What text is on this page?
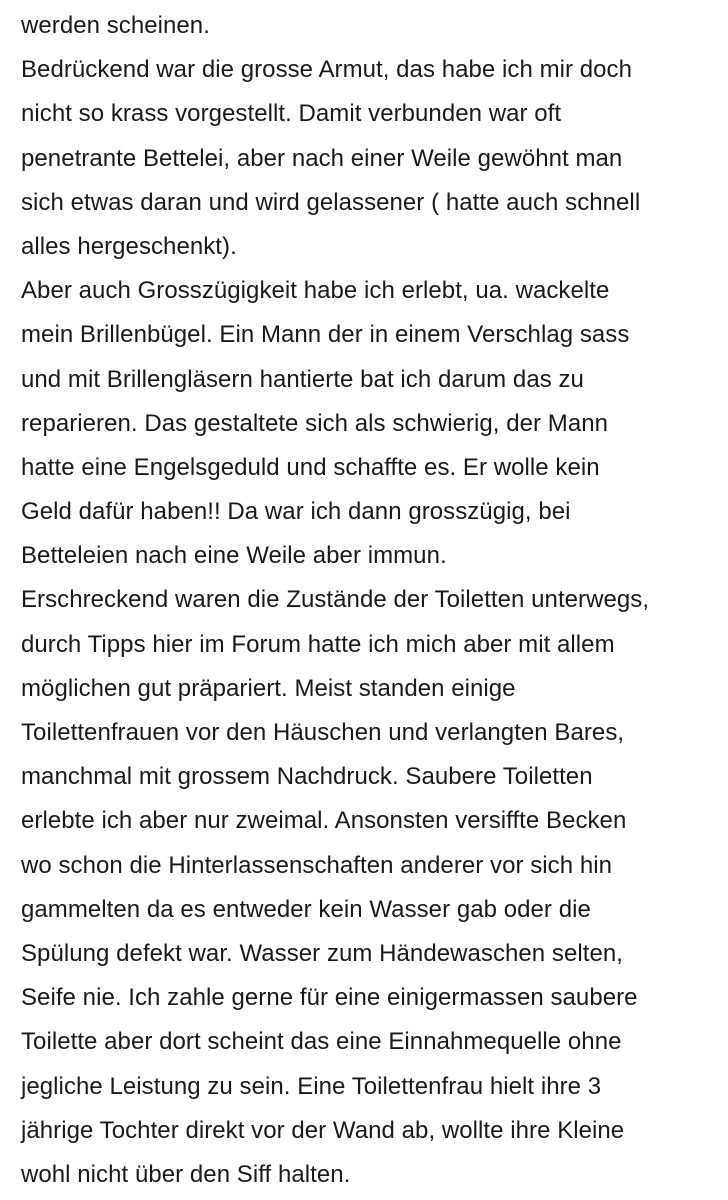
werden scheinen.
Bedrückend war die grosse Armut, das habe ich mir doch
nicht so krass vorgestellt. Damit verbunden war oft
penetrante Bettelei, aber nach einer Weile gewöhnt man
sich etwas daran und wird gelassener ( hatte auch schnell
alles hergeschenkt).
Aber auch Grosszügigkeit habe ich erlebt, ua. wackelte
mein Brillenbügel. Ein Mann der in einem Verschlag sass
und mit Brillengläsern hantierte bat ich darum das zu
reparieren. Das gestaltete sich als schwierig, der Mann
hatte eine Engelsgeduld und schaffte es. Er wolle kein
Geld dafür haben!! Da war ich dann grosszügig, bei
Betteleien nach eine Weile aber immun.
Erschreckend waren die Zustände der Toiletten unterwegs,
durch Tipps hier im Forum hatte ich mich aber mit allem
möglichen gut präpariert. Meist standen einige
Toilettenfrauen vor den Häuschen und verlangten Bares,
manchmal mit grossem Nachdruck. Saubere Toiletten
erlebte ich aber nur zweimal. Ansonsten versiffte Becken
wo schon die Hinterlassenschaften anderer vor sich hin
gammelten da es entweder kein Wasser gab oder die
Spülung defekt war. Wasser zum Händewaschen selten,
Seife nie. Ich zahle gerne für eine einigermassen saubere
Toilette aber dort scheint das eine Einnahmequelle ohne
jegliche Leistung zu sein. Eine Toilettenfrau hielt ihre 3
jährige Tochter direkt vor der Wand ab, wollte ihre Kleine
wohl nicht über den Siff halten.
